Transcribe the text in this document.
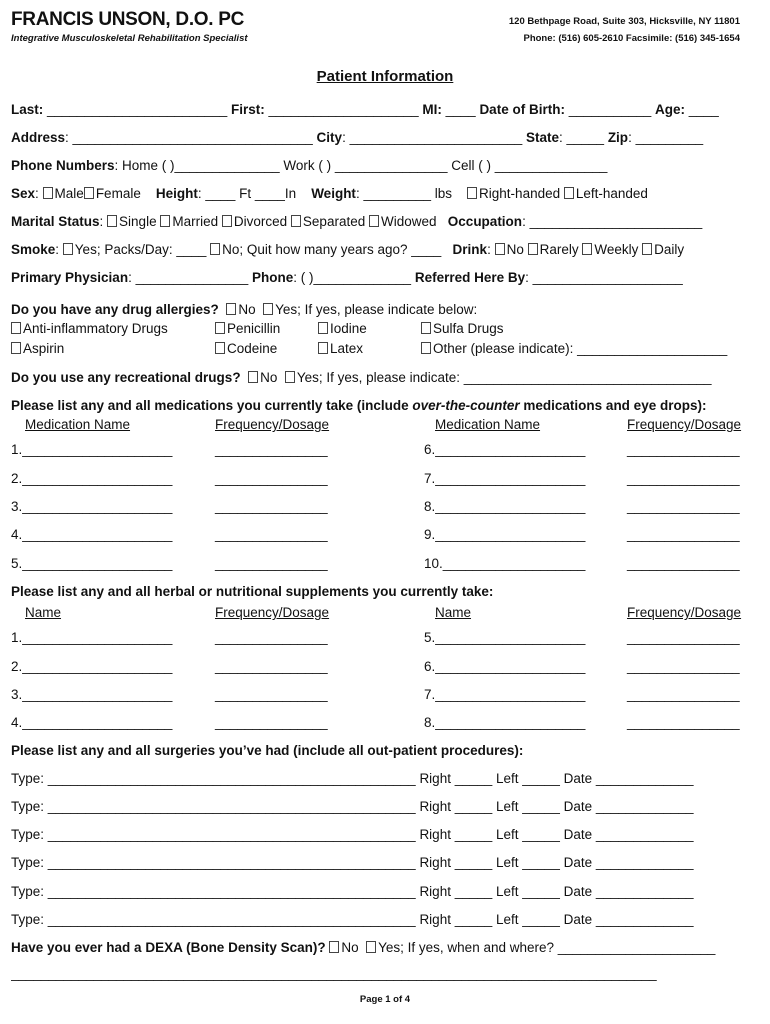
FRANCIS UNSON, D.O. PC
Integrative Musculoskeletal Rehabilitation Specialist
120 Bethpage Road, Suite 303, Hicksville, NY 11801
Phone: (516) 605-2610 Facsimile: (516) 345-1654
Patient Information
Last: ________________________ First: ____________________ MI: ____ Date of Birth: ___________ Age: ____
Address: ________________________________ City: _______________________ State: _____ Zip: _________
Phone Numbers: Home ( )______________ Work ( ) _______________ Cell ( ) _______________
Sex: Male Female Height: ____ Ft ____In Weight: _________ lbs Right-handed Left-handed
Marital Status: Single Married Divorced Separated Widowed Occupation: _______________________
Smoke: Yes; Packs/Day: ____ No; Quit how many years ago? ____ Drink: No Rarely Weekly Daily
Primary Physician: _______________ Phone: ( )_____________ Referred Here By: ____________________
Do you have any drug allergies? No Yes; If yes, please indicate below:
Anti-inflammatory Drugs	Penicillin	Iodine	Sulfa Drugs
Aspirin	Codeine	Latex	Other (please indicate): ____________________
Do you use any recreational drugs? No Yes; If yes, please indicate: _________________________________
Please list any and all medications you currently take (include over-the-counter medications and eye drops):
Medication Name	Frequency/Dosage	Medication Name	Frequency/Dosage
1.____________________	_______________	6.____________________	_______________
2.____________________	_______________	7.____________________	_______________
3.____________________	_______________	8.____________________	_______________
4.____________________	_______________	9.____________________	_______________
5.____________________	_______________	10.___________________	_______________
Please list any and all herbal or nutritional supplements you currently take:
Name	Frequency/Dosage	Name	Frequency/Dosage
1.____________________	_______________	5.____________________	_______________
2.____________________	_______________	6.____________________	_______________
3.____________________	_______________	7.____________________	_______________
4.____________________	_______________	8.____________________	_______________
Please list any and all surgeries you’ve had (include all out-patient procedures):
Type: _________________________________________________ Right _____ Left _____ Date _____________
Type: _________________________________________________ Right _____ Left _____ Date _____________
Type: _________________________________________________ Right _____ Left _____ Date _____________
Type: _________________________________________________ Right _____ Left _____ Date _____________
Type: _________________________________________________ Right _____ Left _____ Date _____________
Type: _________________________________________________ Right _____ Left _____ Date _____________
Have you ever had a DEXA (Bone Density Scan)? No Yes; If yes, when and where? _____________________
______________________________________________________________________________________
Page 1 of 4
